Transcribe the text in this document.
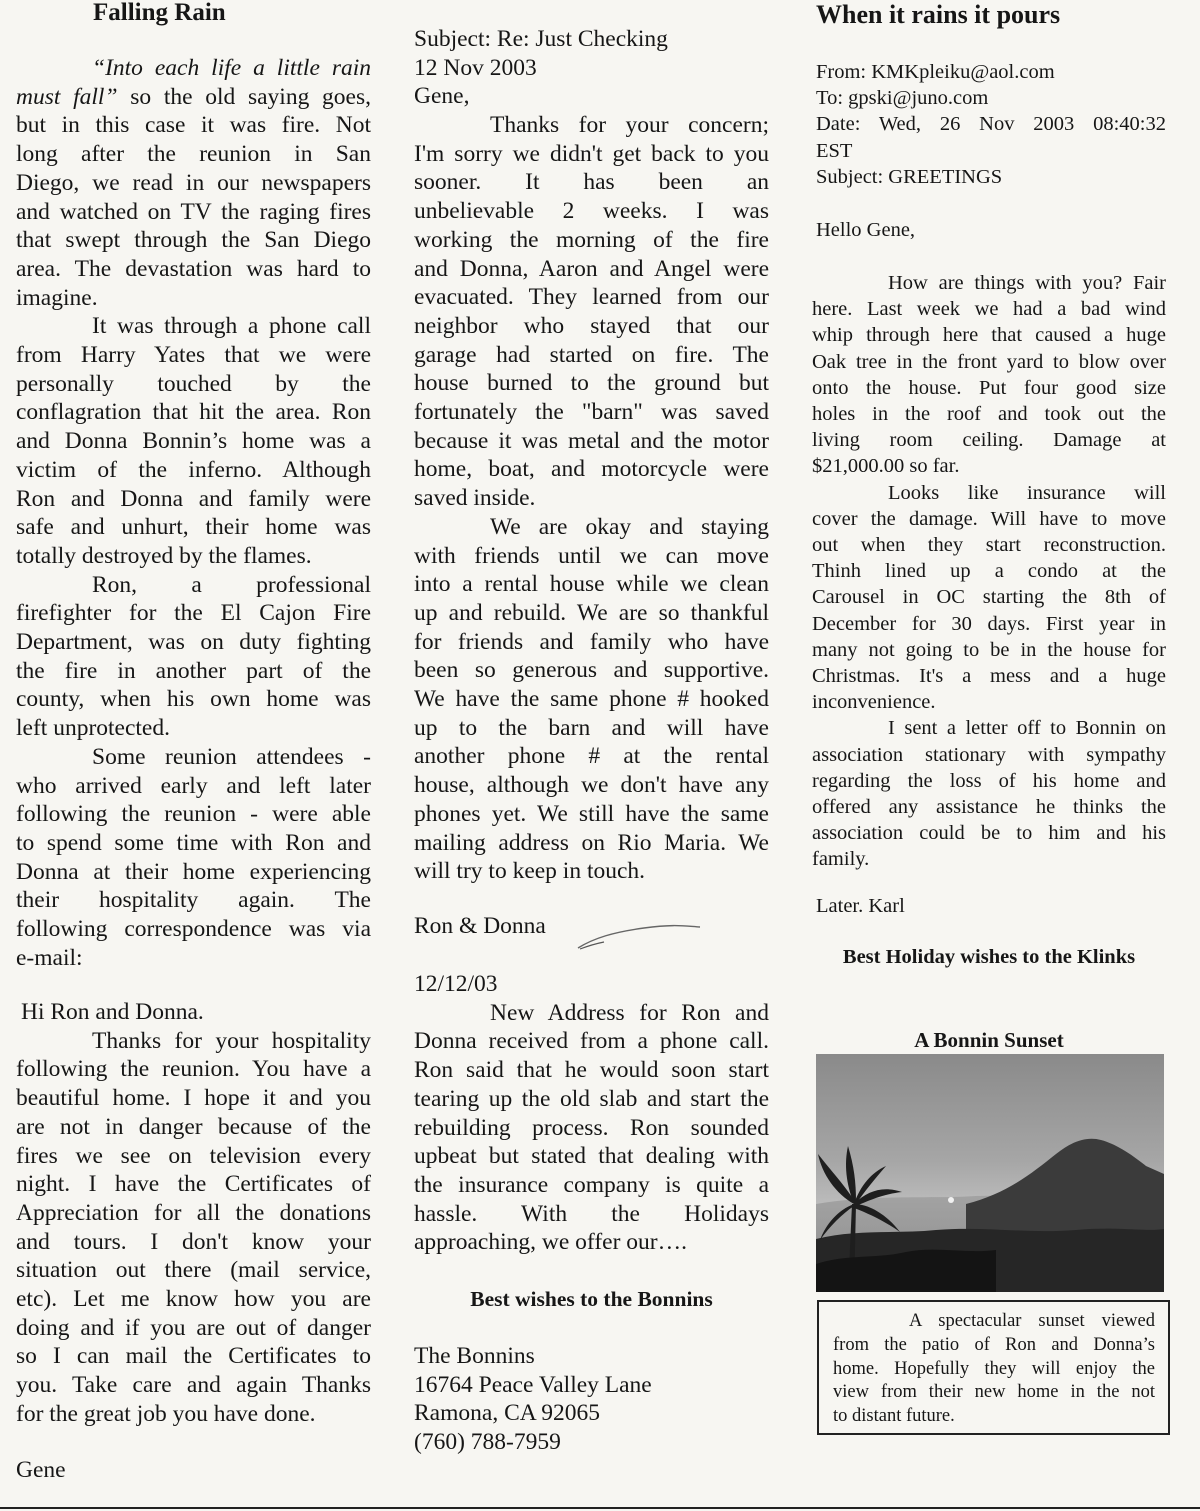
Falling Rain
“Into each life a little rain
must fall” so the old saying goes,
but in this case it was fire. Not
long after the reunion in San
Diego, we read in our newspapers
and watched on TV the raging fires
that swept through the San Diego
area. The devastation was hard to
imagine.
It was through a phone call
from Harry Yates that we were
personally touched by the
conflagration that hit the area. Ron
and Donna Bonnin’s home was a
victim of the inferno. Although
Ron and Donna and family were
safe and unhurt, their home was
totally destroyed by the flames.
Ron, a professional
firefighter for the El Cajon Fire
Department, was on duty fighting
the fire in another part of the
county, when his own home was
left unprotected.
Some reunion attendees -
who arrived early and left later
following the reunion - were able
to spend some time with Ron and
Donna at their home experiencing
their hospitality again. The
following correspondence was via
e-mail:
Hi Ron and Donna.
Thanks for your hospitality
following the reunion. You have a
beautiful home. I hope it and you
are not in danger because of the
fires we see on television every
night. I have the Certificates of
Appreciation for all the donations
and tours. I don't know your
situation out there (mail service,
etc). Let me know how you are
doing and if you are out of danger
so I can mail the Certificates to
you. Take care and again Thanks
for the great job you have done.
Gene
Subject: Re: Just Checking
12 Nov 2003
Gene,
Thanks for your concern;
I'm sorry we didn't get back to you
sooner. It has been an
unbelievable 2 weeks. I was
working the morning of the fire
and Donna, Aaron and Angel were
evacuated. They learned from our
neighbor who stayed that our
garage had started on fire. The
house burned to the ground but
fortunately the "barn" was saved
because it was metal and the motor
home, boat, and motorcycle were
saved inside.
We are okay and staying
with friends until we can move
into a rental house while we clean
up and rebuild. We are so thankful
for friends and family who have
been so generous and supportive.
We have the same phone # hooked
up to the barn and will have
another phone # at the rental
house, although we don't have any
phones yet. We still have the same
mailing address on Rio Maria. We
will try to keep in touch.
Ron & Donna
12/12/03
New Address for Ron and
Donna received from a phone call.
Ron said that he would soon start
tearing up the old slab and start the
rebuilding process. Ron sounded
upbeat but stated that dealing with
the insurance company is quite a
hassle. With the Holidays
approaching, we offer our….
Best wishes to the Bonnins
The Bonnins
16764 Peace Valley Lane
Ramona, CA 92065
(760) 788-7959
When it rains it pours
From: KMKpleiku@aol.com
To: gpski@juno.com
Date: Wed, 26 Nov 2003 08:40:32
EST
Subject: GREETINGS
Hello Gene,
How are things with you? Fair
here. Last week we had a bad wind
whip through here that caused a huge
Oak tree in the front yard to blow over
onto the house. Put four good size
holes in the roof and took out the
living room ceiling. Damage at
$21,000.00 so far.
Looks like insurance will
cover the damage. Will have to move
out when they start reconstruction.
Thinh lined up a condo at the
Carousel in OC starting the 8th of
December for 30 days. First year in
many not going to be in the house for
Christmas. It's a mess and a huge
inconvenience.
I sent a letter off to Bonnin on
association stationary with sympathy
regarding the loss of his home and
offered any assistance he thinks the
association could be to him and his
family.
Later. Karl
Best Holiday wishes to the Klinks
A Bonnin Sunset
A spectacular sunset viewed
from the patio of Ron and Donna’s
home. Hopefully they will enjoy the
view from their new home in the not
to distant future.
